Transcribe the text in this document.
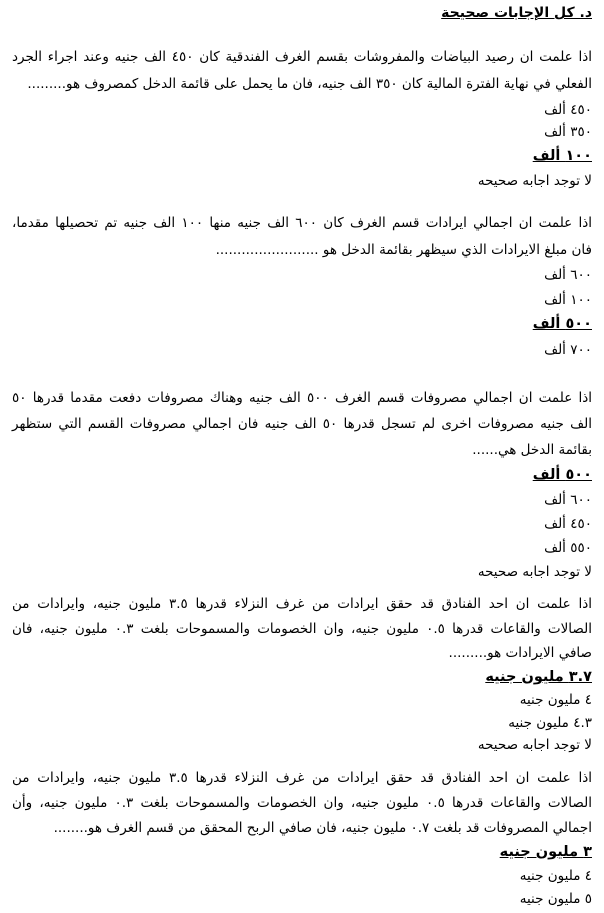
د. كل الإجابات صحيحة
اذا علمت ان رصيد البياضات والمفروشات بقسم الغرف الفندقية كان ٤٥٠ الف جنيه وعند اجراء الجرد
الفعلي في نهاية الفترة المالية كان ٣٥٠ الف جنيه، فان ما يحمل على قائمة الدخل كمصروف هو.........
٤٥٠ ألف
٣٥٠ ألف
١٠٠ ألف
لا توجد اجابه صحيحه
اذا علمت ان اجمالي ايرادات قسم الغرف كان ٦٠٠ الف جنيه منها ١٠٠ الف جنيه تم تحصيلها مقدما،
فان مبلغ الايرادات الذي سيظهر بقائمة الدخل هو ........................
٦٠٠ ألف
١٠٠ ألف
٥٠٠ ألف
٧٠٠ ألف
اذا علمت ان اجمالي مصروفات قسم الغرف ٥٠٠ الف جنيه وهناك مصروفات دفعت مقدما قدرها ٥٠
الف جنيه مصروفات اخرى لم تسجل قدرها ٥٠ الف جنيه فان اجمالي مصروفات القسم التي ستظهر
بقائمة الدخل هي......
٥٠٠ ألف
٦٠٠ ألف
٤٥٠ ألف
٥٥٠ ألف
لا توجد اجابه صحيحه
اذا علمت ان احد الفنادق قد حقق ايرادات من غرف النزلاء قدرها ٣.٥ مليون جنيه، وايرادات من
الصالات والقاعات قدرها ٠.٥ مليون جنيه، وان الخصومات والمسموحات بلغت ٠.٣ مليون جنيه، فان
صافي الايرادات هو.........
٣.٧ مليون جنيه
٤ مليون جنيه
٤.٣ مليون جنيه
لا توجد اجابه صحيحه
اذا علمت ان احد الفنادق قد حقق ايرادات من غرف النزلاء قدرها ٣.٥ مليون جنيه، وايرادات من
الصالات والقاعات قدرها ٠.٥ مليون جنيه، وان الخصومات والمسموحات بلغت ٠.٣ مليون جنيه، وأن
اجمالي المصروفات قد بلغت ٠.٧ مليون جنيه، فان صافي الربح المحقق من قسم الغرف هو........
٣ مليون جنيه
٤ مليون جنيه
٥ مليون جنيه
